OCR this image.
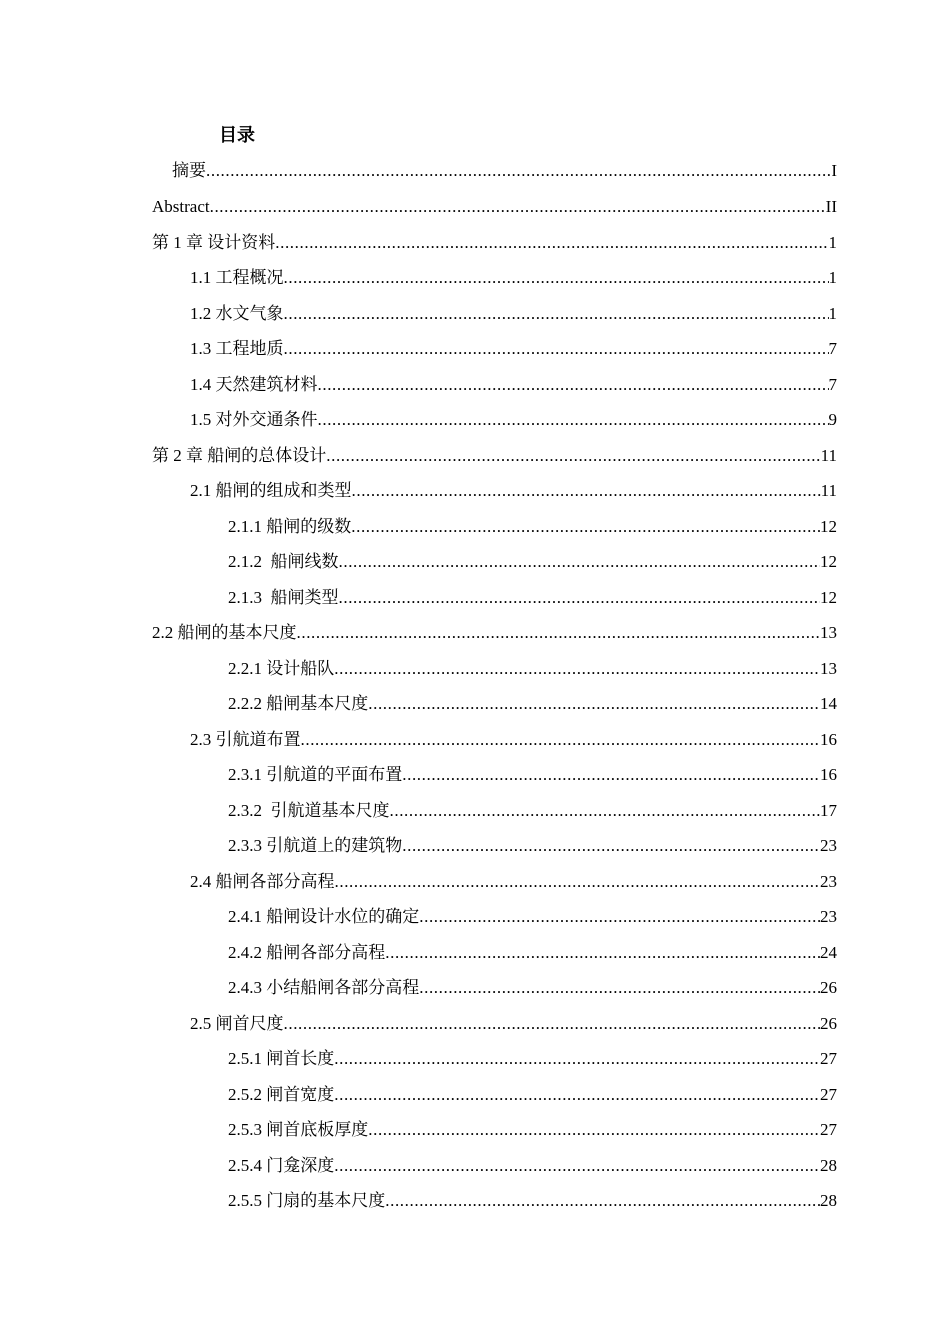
目录
摘要 .....	I
Abstract .....	II
第 1 章 设计资料 .....	1
1.1 工程概况 .....	1
1.2 水文气象 .....	1
1.3 工程地质 .....	7
1.4 天然建筑材料 .....	7
1.5 对外交通条件 .....	9
第 2 章 船闸的总体设计 .....	11
2.1 船闸的组成和类型 .....	11
2.1.1 船闸的级数 .....	12
2.1.2  船闸线数 .....	12
2.1.3  船闸类型 .....	12
2.2 船闸的基本尺度 .....	13
2.2.1 设计船队 .....	13
2.2.2 船闸基本尺度 .....	14
2.3 引航道布置 .....	16
2.3.1 引航道的平面布置 .....	16
2.3.2  引航道基本尺度 .....	17
2.3.3 引航道上的建筑物 .....	23
2.4 船闸各部分高程 .....	23
2.4.1 船闸设计水位的确定 .....	23
2.4.2 船闸各部分高程 .....	24
2.4.3 小结船闸各部分高程 .....	26
2.5 闸首尺度 .....	26
2.5.1 闸首长度 .....	27
2.5.2 闸首宽度 .....	27
2.5.3 闸首底板厚度 .....	27
2.5.4 门龛深度 .....	28
2.5.5 门扇的基本尺度 .....	28
